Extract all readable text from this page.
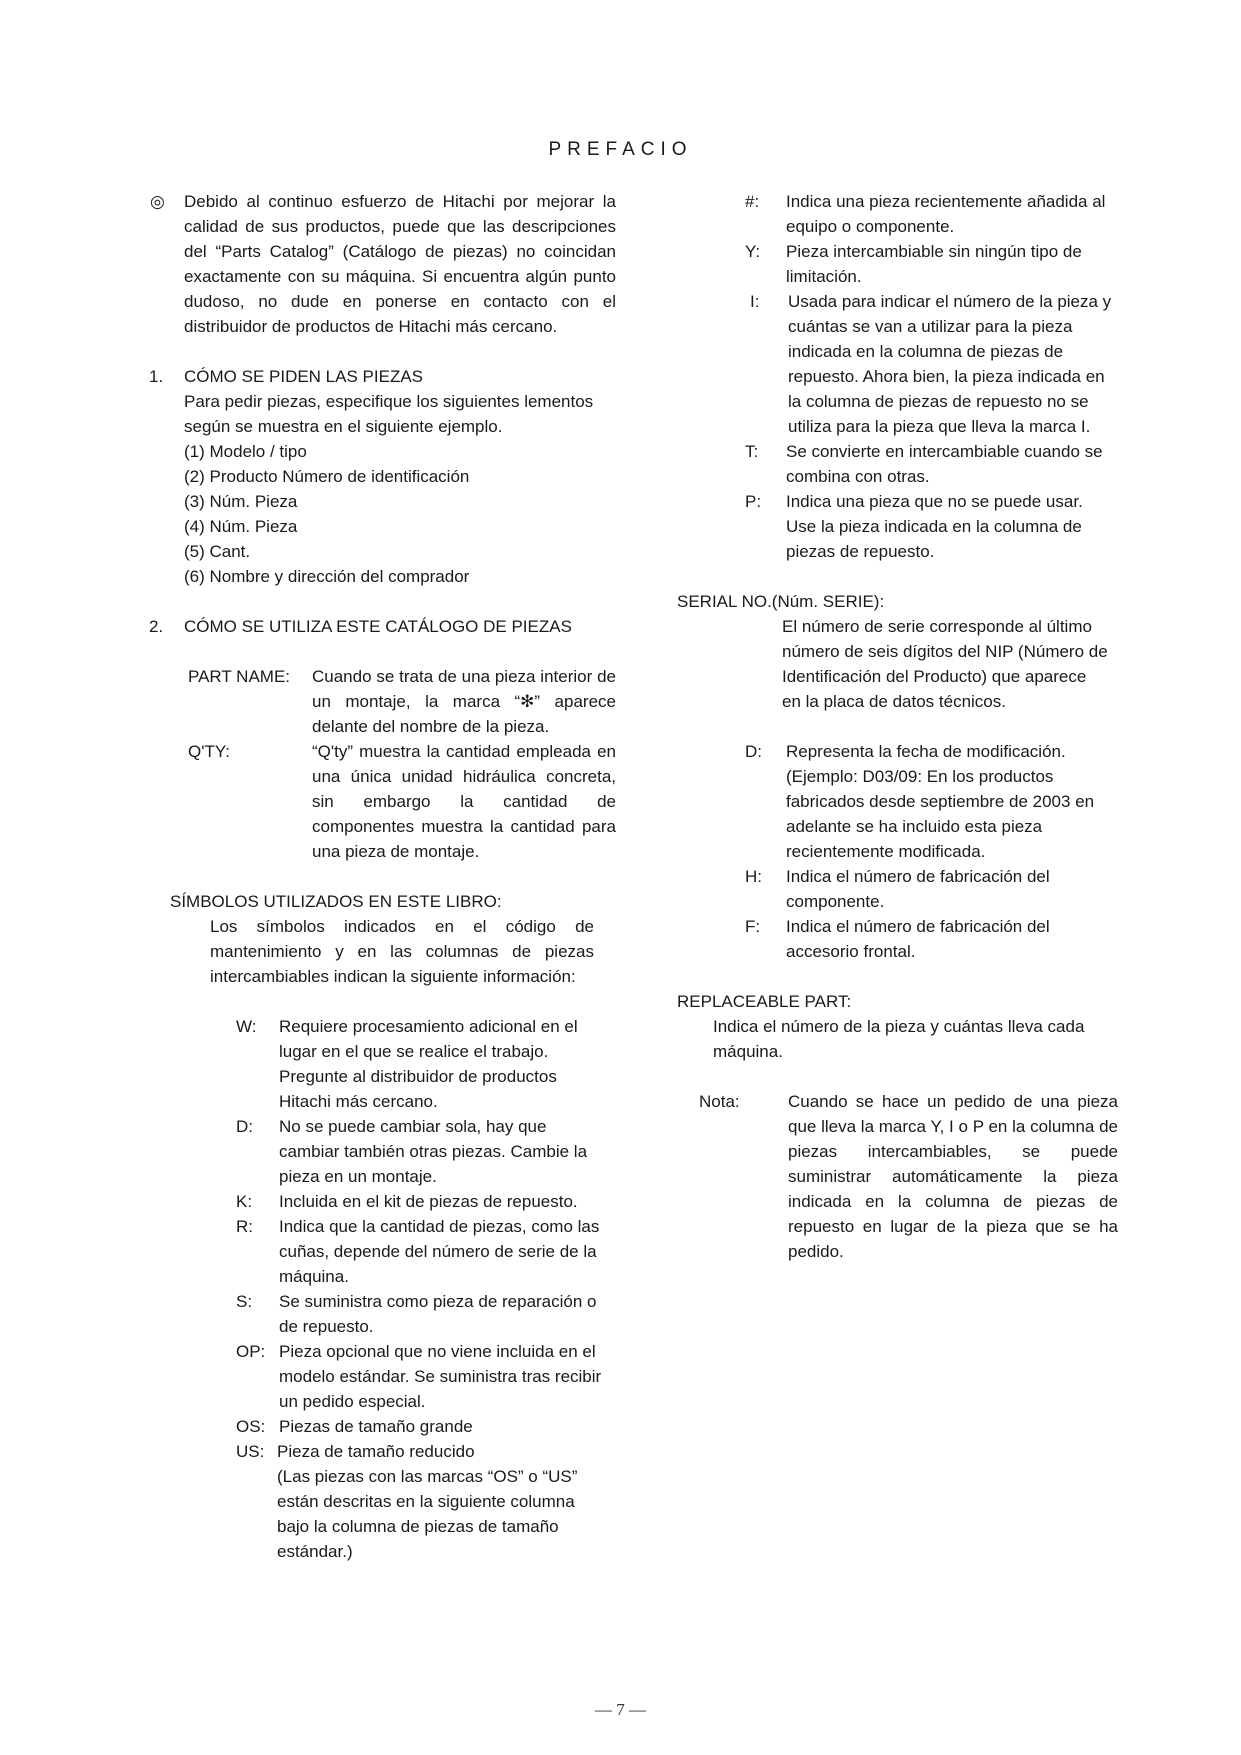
PREFACIO
◎ Debido al continuo esfuerzo de Hitachi por mejorar la calidad de sus productos, puede que las descripciones del “Parts Catalog” (Catálogo de piezas) no coincidan exactamente con su máquina. Si encuentra algún punto dudoso, no dude en ponerse en contacto con el distribuidor de productos de Hitachi más cercano.
1. CÓMO SE PIDEN LAS PIEZAS
Para pedir piezas, especifique los siguientes lementos
según se muestra en el siguiente ejemplo.
(1) Modelo / tipo
(2) Producto Número de identificación
(3) Núm. Pieza
(4) Núm. Pieza
(5) Cant.
(6) Nombre y dirección del comprador
2. CÓMO SE UTILIZA ESTE CATÁLOGO DE PIEZAS
PART NAME: Cuando se trata de una pieza interior de un montaje, la marca “✻” aparece delante del nombre de la pieza.
Q'TY:	“Q'ty” muestra la cantidad empleada en una única unidad hidráulica concreta, sin embargo la cantidad de componentes muestra la cantidad para una pieza de montaje.
SÍMBOLOS UTILIZADOS EN ESTE LIBRO:
Los símbolos indicados en el código de mantenimiento y en las columnas de piezas intercambiables indican la siguiente información:
W: Requiere procesamiento adicional en el
lugar en el que se realice el trabajo.
Pregunte al distribuidor de productos
Hitachi más cercano.
D: No se puede cambiar sola, hay que
cambiar también otras piezas. Cambie la
pieza en un montaje.
K: Incluida en el kit de piezas de repuesto.
R: Indica que la cantidad de piezas, como las
cuñas, depende del número de serie de la
máquina.
S: Se suministra como pieza de reparación o
de repuesto.
OP: Pieza opcional que no viene incluida en el
modelo estándar. Se suministra tras recibir
un pedido especial.
OS: Piezas de tamaño grande
US: Pieza de tamaño reducido
(Las piezas con las marcas “OS” o “US”
están descritas en la siguiente columna
bajo la columna de piezas de tamaño
estándar.)
#: Indica una pieza recientemente añadida al
equipo o componente.
Y: Pieza intercambiable sin ningún tipo de
limitación.
I: Usada para indicar el número de la pieza y
cuántas se van a utilizar para la pieza
indicada en la columna de piezas de
repuesto. Ahora bien, la pieza indicada en
la columna de piezas de repuesto no se
utiliza para la pieza que lleva la marca I.
T: Se convierte en intercambiable cuando se
combina con otras.
P: Indica una pieza que no se puede usar.
Use la pieza indicada en la columna de
piezas de repuesto.
SERIAL NO.(Núm. SERIE):
El número de serie corresponde al último
número de seis dígitos del NIP (Número de
Identificación del Producto) que aparece
en la placa de datos técnicos.
D: Representa la fecha de modificación.
(Ejemplo: D03/09: En los productos
fabricados desde septiembre de 2003 en
adelante se ha incluido esta pieza
recientemente modificada.
H: Indica el número de fabricación del
componente.
F: Indica el número de fabricación del
accesorio frontal.
REPLACEABLE PART:
Indica el número de la pieza y cuántas lleva cada
máquina.
Nota:	Cuando se hace un pedido de una pieza que lleva la marca Y, I o P en la columna de piezas intercambiables, se puede suministrar automáticamente la pieza indicada en la columna de piezas de repuesto en lugar de la pieza que se ha pedido.
— 7 —
